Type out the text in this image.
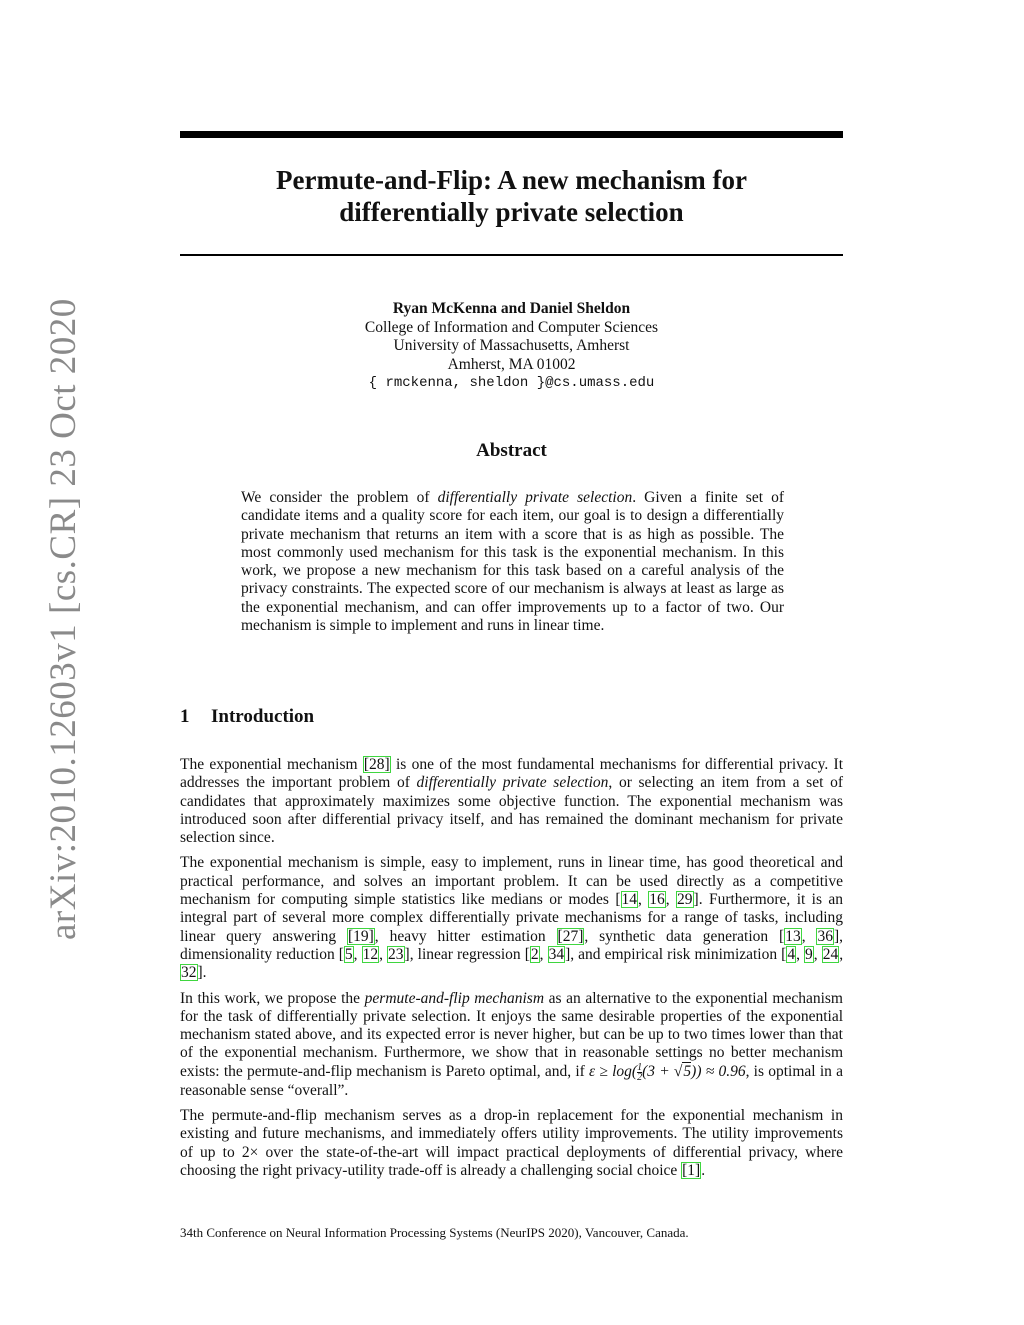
arXiv:2010.12603v1 [cs.CR] 23 Oct 2020
Permute-and-Flip: A new mechanism for
differentially private selection
Ryan McKenna and Daniel Sheldon
College of Information and Computer Sciences
University of Massachusetts, Amherst
Amherst, MA 01002
{ rmckenna, sheldon }@cs.umass.edu
Abstract
We consider the problem of differentially private selection. Given a finite set of candidate items and a quality score for each item, our goal is to design a differentially private mechanism that returns an item with a score that is as high as possible. The most commonly used mechanism for this task is the exponential mechanism. In this work, we propose a new mechanism for this task based on a careful analysis of the privacy constraints. The expected score of our mechanism is always at least as large as the exponential mechanism, and can offer improvements up to a factor of two. Our mechanism is simple to implement and runs in linear time.
1 Introduction

The exponential mechanism [28] is one of the most fundamental mechanisms for differential privacy. It addresses the important problem of differentially private selection, or selecting an item from a set of candidates that approximately maximizes some objective function. The exponential mechanism was introduced soon after differential privacy itself, and has remained the dominant mechanism for private selection since.

The exponential mechanism is simple, easy to implement, runs in linear time, has good theoretical and practical performance, and solves an important problem. It can be used directly as a competitive mechanism for computing simple statistics like medians or modes [14, 16, 29]. Furthermore, it is an integral part of several more complex differentially private mechanisms for a range of tasks, including linear query answering [19], heavy hitter estimation [27], synthetic data generation [13, 36], dimensionality reduction [5, 12, 23], linear regression [2, 34], and empirical risk minimization [4, 9, 24, 32].

In this work, we propose the permute-and-flip mechanism as an alternative to the exponential mechanism for the task of differentially private selection. It enjoys the same desirable properties of the exponential mechanism stated above, and its expected error is never higher, but can be up to two times lower than that of the exponential mechanism. Furthermore, we show that in reasonable settings no better mechanism exists: the permute-and-flip mechanism is Pareto optimal, and, if $\varepsilon \ge \log( \frac{1}{2} (3 + √5)) \approx 0.96$, is optimal in a reasonable sense “overall”.

The permute-and-flip mechanism serves as a drop-in replacement for the exponential mechanism in existing and future mechanisms, and immediately offers utility improvements. The utility improvements of up to 2× over the state-of-the-art will impact practical deployments of differential privacy, where choosing the right privacy-utility trade-off is already a challenging social choice [1].

34th Conference on Neural Information Processing Systems (NeurIPS 2020), Vancouver, Canada.
